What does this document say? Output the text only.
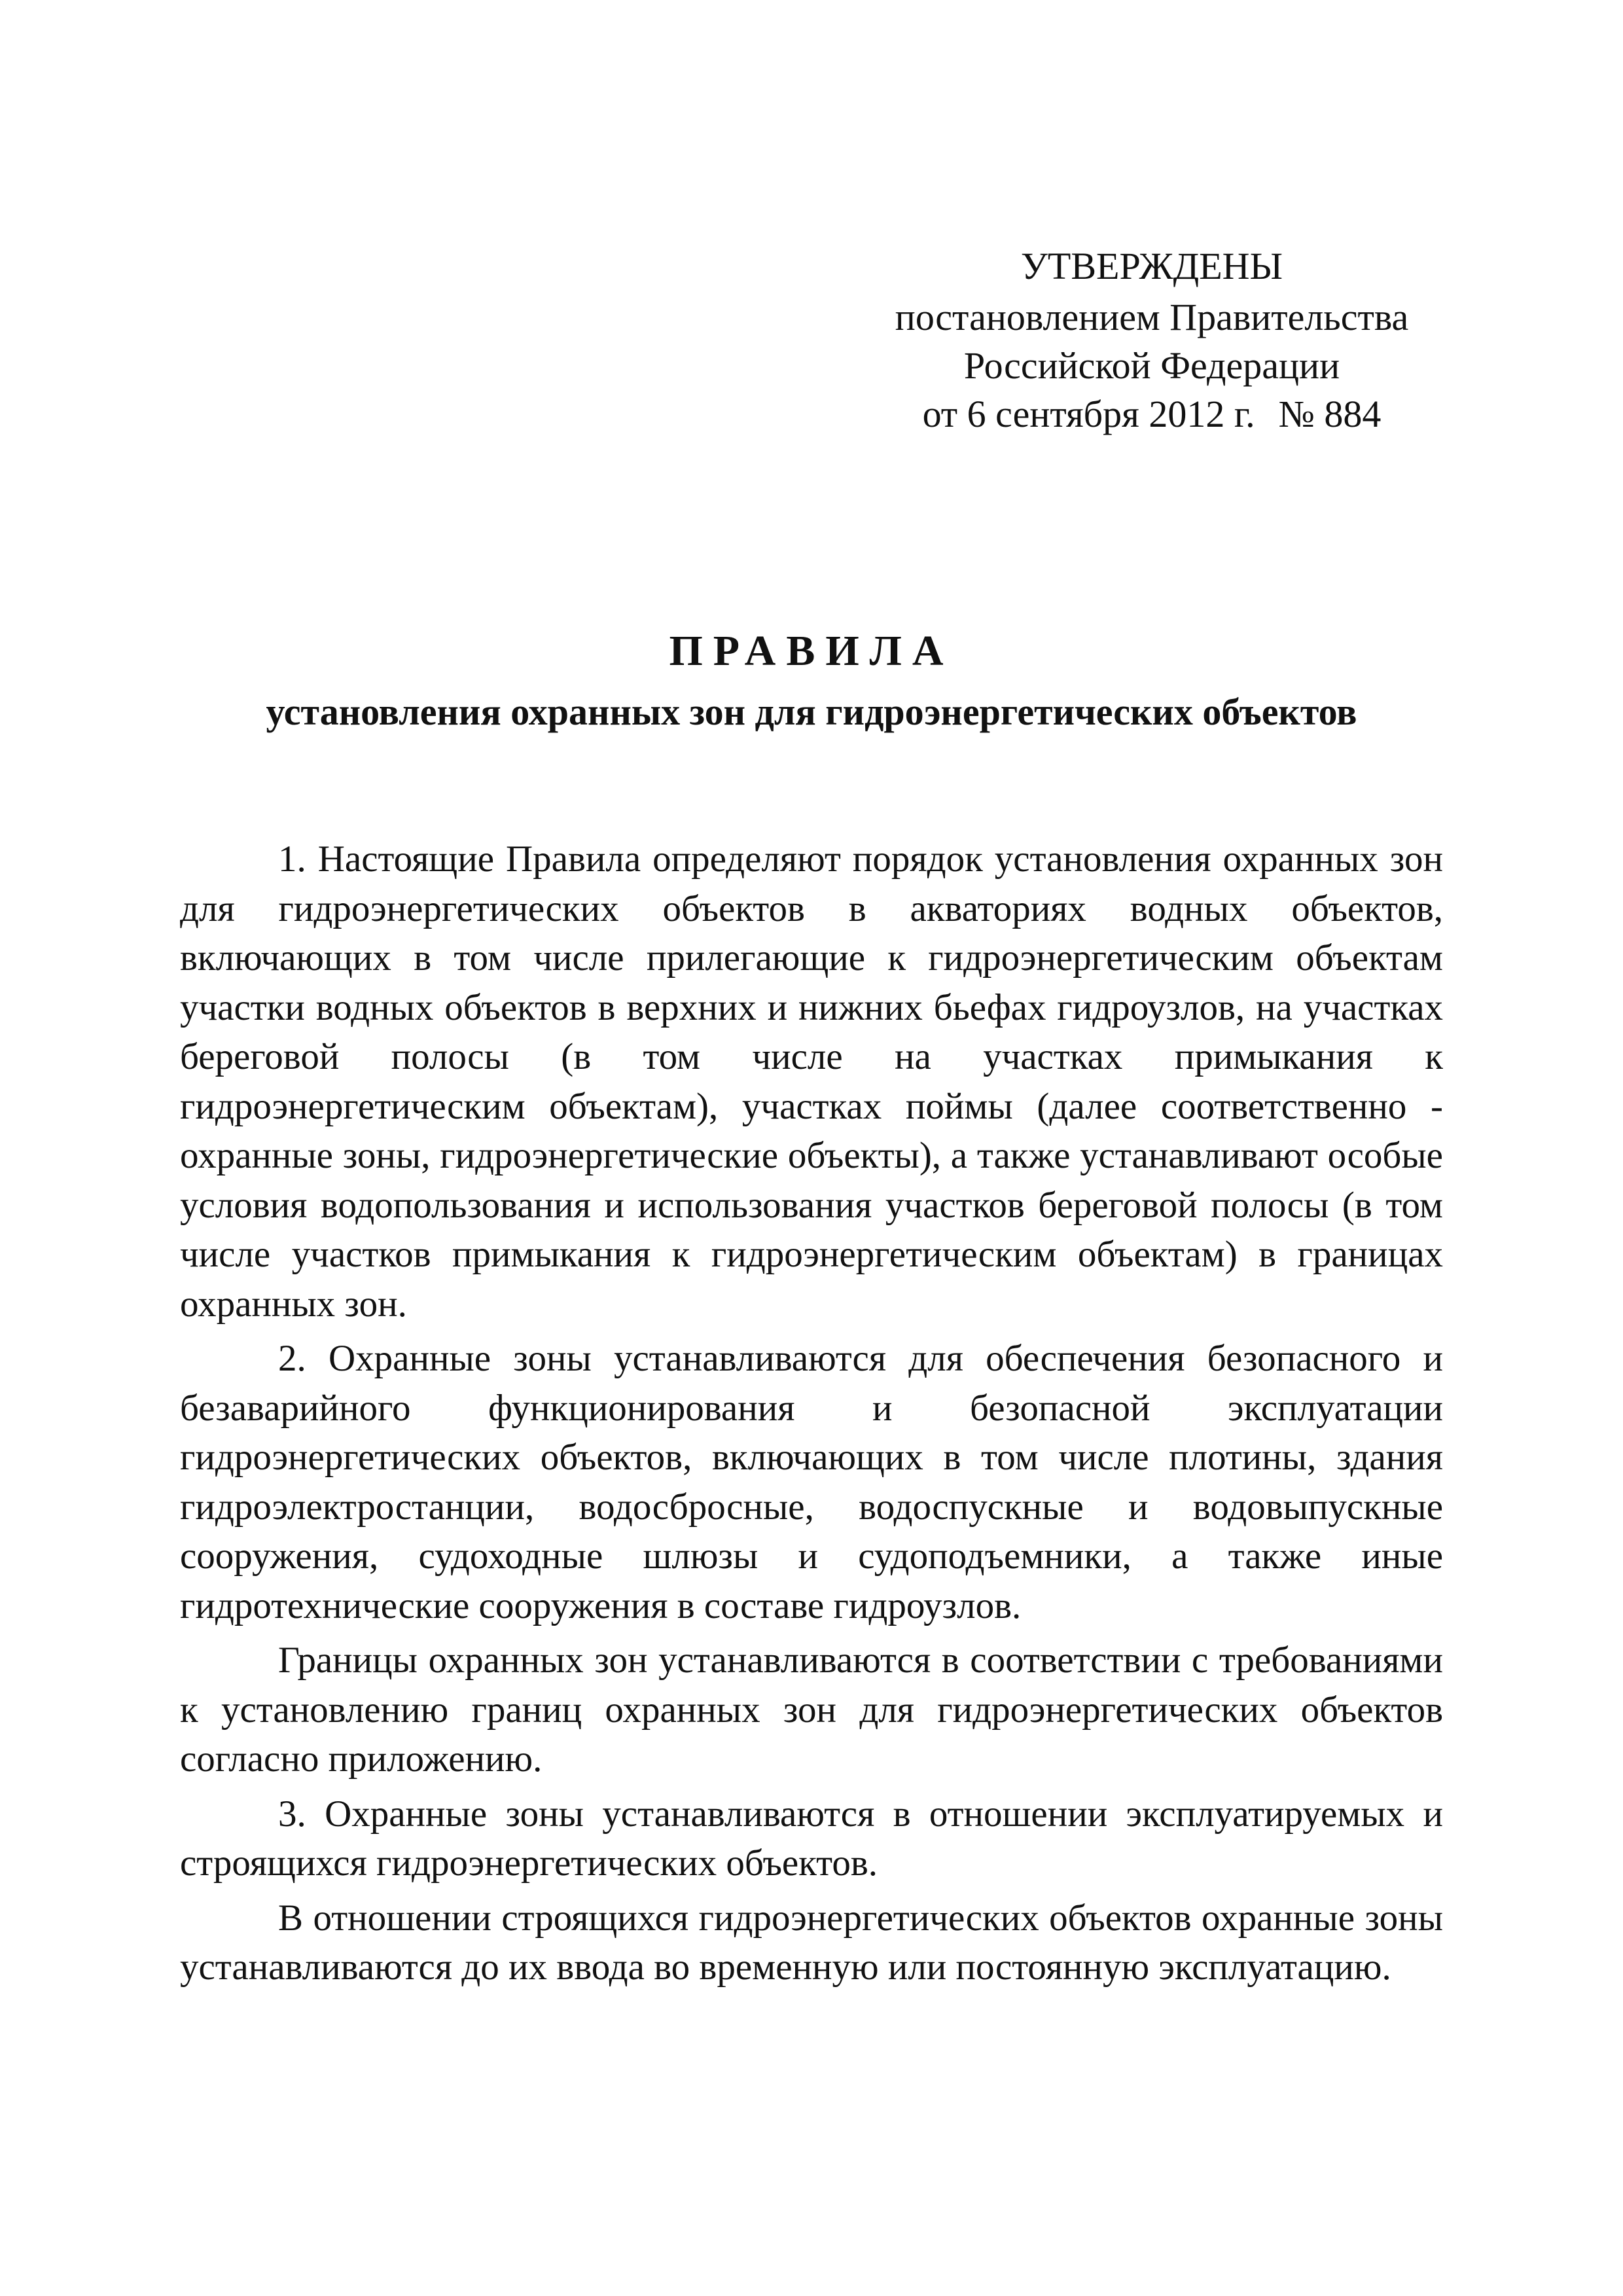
УТВЕРЖДЕНЫ
постановлением Правительства
Российской Федерации
от 6 сентября 2012 г. № 884
ПРАВИЛА
установления охранных зон для гидроэнергетических объектов

1. Настоящие Правила определяют порядок установления охранных зон для гидроэнергетических объектов в акваториях водных объектов, включающих в том числе прилегающие к гидроэнергетическим объектам участки водных объектов в верхних и нижних бьефах гидроузлов, на участках береговой полосы (в том числе на участках примыкания к гидроэнергетическим объектам), участках поймы (далее соответственно - охранные зоны, гидроэнергетические объекты), а также устанавливают особые условия водопользования и использования участков береговой полосы (в том числе участков примыкания к гидроэнергетическим объектам) в границах охранных зон.

2. Охранные зоны устанавливаются для обеспечения безопасного и безаварийного функционирования и безопасной эксплуатации гидроэнергетических объектов, включающих в том числе плотины, здания гидроэлектростанции, водосбросные, водоспускные и водовыпускные сооружения, судоходные шлюзы и судоподъемники, а также иные гидротехнические сооружения в составе гидроузлов.

Границы охранных зон устанавливаются в соответствии с требованиями к установлению границ охранных зон для гидроэнергетических объектов согласно приложению.

3. Охранные зоны устанавливаются в отношении эксплуатируемых и строящихся гидроэнергетических объектов.

В отношении строящихся гидроэнергетических объектов охранные зоны устанавливаются до их ввода во временную или постоянную эксплуатацию.
